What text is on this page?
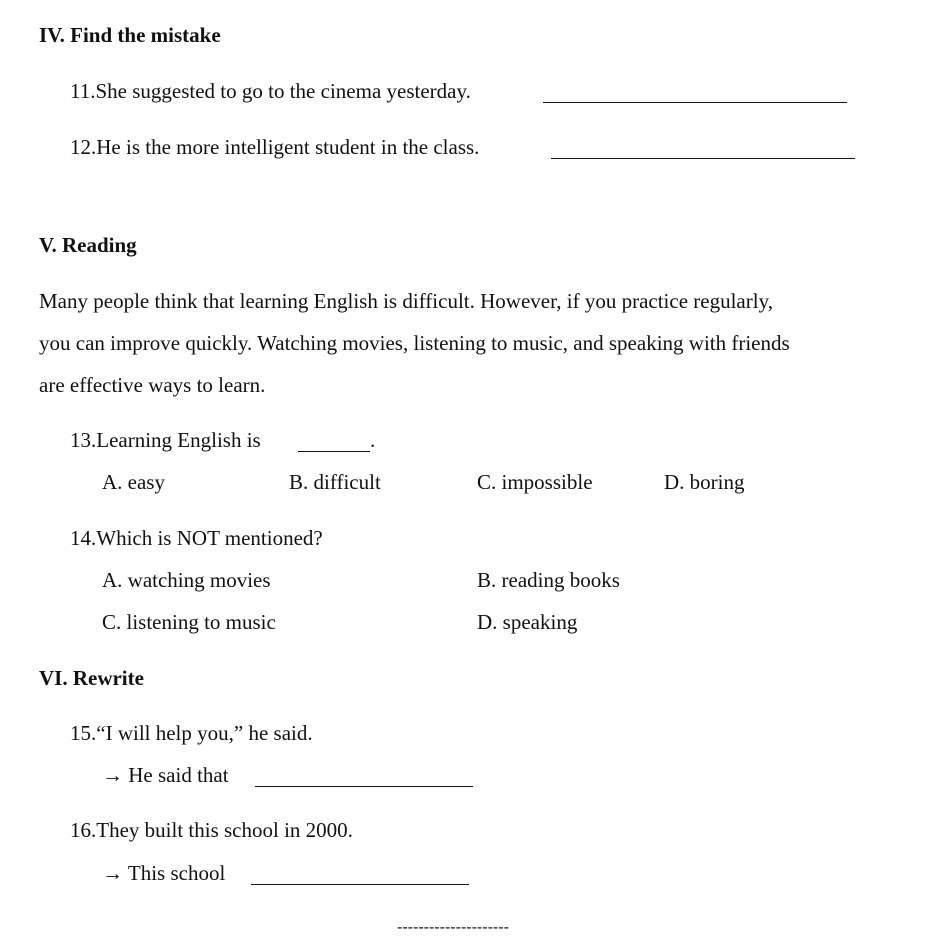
IV. Find the mistake
11.She suggested to go to the cinema yesterday.
12.He is the more intelligent student in the class.
V. Reading
Many people think that learning English is difficult. However, if you practice regularly,
you can improve quickly. Watching movies, listening to music, and speaking with friends
are effective ways to learn.
13.Learning English is	.
A. easy	B. difficult	C. impossible	D. boring
14.Which is NOT mentioned?
A. watching movies	B. reading books
C. listening to music	D. speaking
VI. Rewrite
15.“I will help you,” he said.
→ He said that
16.They built this school in 2000.
→ This school
---------------------
